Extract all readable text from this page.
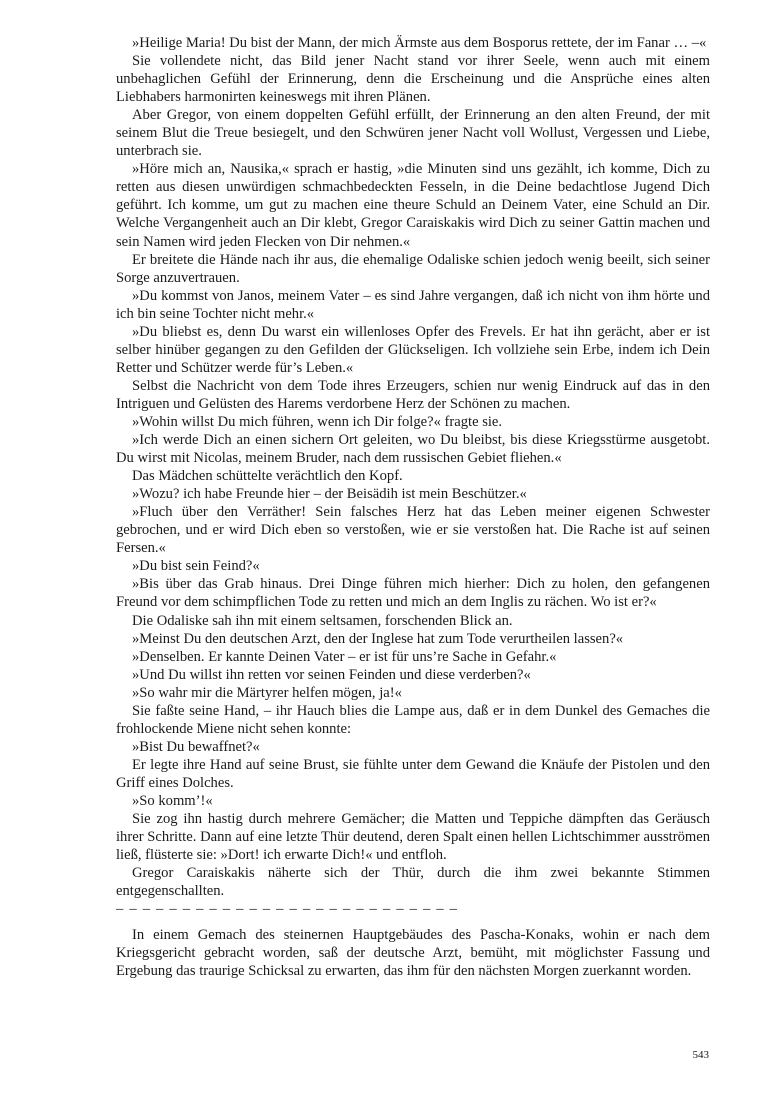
»Heilige Maria! Du bist der Mann, der mich Ärmste aus dem Bosporus rettete, der im Fanar … –«

Sie vollendete nicht, das Bild jener Nacht stand vor ihrer Seele, wenn auch mit einem unbehaglichen Gefühl der Erinnerung, denn die Erscheinung und die Ansprüche eines alten Liebhabers harmonirten keineswegs mit ihren Plänen.

Aber Gregor, von einem doppelten Gefühl erfüllt, der Erinnerung an den alten Freund, der mit seinem Blut die Treue besiegelt, und den Schwüren jener Nacht voll Wollust, Vergessen und Liebe, unterbrach sie.

»Höre mich an, Nausika,« sprach er hastig, »die Minuten sind uns gezählt, ich komme, Dich zu retten aus diesen unwürdigen schmachbedeckten Fesseln, in die Deine bedachtlose Jugend Dich geführt. Ich komme, um gut zu machen eine theure Schuld an Deinem Vater, eine Schuld an Dir. Welche Vergangenheit auch an Dir klebt, Gregor Caraiskakis wird Dich zu seiner Gattin machen und sein Namen wird jeden Flecken von Dir nehmen.«

Er breitete die Hände nach ihr aus, die ehemalige Odaliske schien jedoch wenig beeilt, sich seiner Sorge anzuvertrauen.

»Du kommst von Janos, meinem Vater – es sind Jahre vergangen, daß ich nicht von ihm hörte und ich bin seine Tochter nicht mehr.«

»Du bliebst es, denn Du warst ein willenloses Opfer des Frevels. Er hat ihn gerächt, aber er ist selber hinüber gegangen zu den Gefilden der Glückseligen. Ich vollziehe sein Erbe, indem ich Dein Retter und Schützer werde für’s Leben.«

Selbst die Nachricht von dem Tode ihres Erzeugers, schien nur wenig Eindruck auf das in den Intriguen und Gelüsten des Harems verdorbene Herz der Schönen zu machen.

»Wohin willst Du mich führen, wenn ich Dir folge?« fragte sie.

»Ich werde Dich an einen sichern Ort geleiten, wo Du bleibst, bis diese Kriegsstürme ausgetobt. Du wirst mit Nicolas, meinem Bruder, nach dem russischen Gebiet fliehen.«

Das Mädchen schüttelte verächtlich den Kopf.

»Wozu? ich habe Freunde hier – der Beisädih ist mein Beschützer.«

»Fluch über den Verräther! Sein falsches Herz hat das Leben meiner eigenen Schwester gebrochen, und er wird Dich eben so verstoßen, wie er sie verstoßen hat. Die Rache ist auf seinen Fersen.«

»Du bist sein Feind?«

»Bis über das Grab hinaus. Drei Dinge führen mich hierher: Dich zu holen, den gefangenen Freund vor dem schimpflichen Tode zu retten und mich an dem Inglis zu rächen. Wo ist er?«

Die Odaliske sah ihn mit einem seltsamen, forschenden Blick an.

»Meinst Du den deutschen Arzt, den der Inglese hat zum Tode verurtheilen lassen?«

»Denselben. Er kannte Deinen Vater – er ist für uns’re Sache in Gefahr.«

»Und Du willst ihn retten vor seinen Feinden und diese verderben?«

»So wahr mir die Märtyrer helfen mögen, ja!«

Sie faßte seine Hand, – ihr Hauch blies die Lampe aus, daß er in dem Dunkel des Gemaches die frohlockende Miene nicht sehen konnte:

»Bist Du bewaffnet?«

Er legte ihre Hand auf seine Brust, sie fühlte unter dem Gewand die Knäufe der Pistolen und den Griff eines Dolches.

»So komm’!«

Sie zog ihn hastig durch mehrere Gemächer; die Matten und Teppiche dämpften das Geräusch ihrer Schritte. Dann auf eine letzte Thür deutend, deren Spalt einen hellen Lichtschimmer ausströmen ließ, flüsterte sie: »Dort! ich erwarte Dich!« und entfloh.

Gregor Caraiskakis näherte sich der Thür, durch die ihm zwei bekannte Stimmen entgegenschallten.

– – – – – – – – – – – – – – – – – – – – – – – – – –

In einem Gemach des steinernen Hauptgebäudes des Pascha-Konaks, wohin er nach dem Kriegsgericht gebracht worden, saß der deutsche Arzt, bemüht, mit möglichster Fassung und Ergebung das traurige Schicksal zu erwarten, das ihm für den nächsten Morgen zuerkannt worden.

543
